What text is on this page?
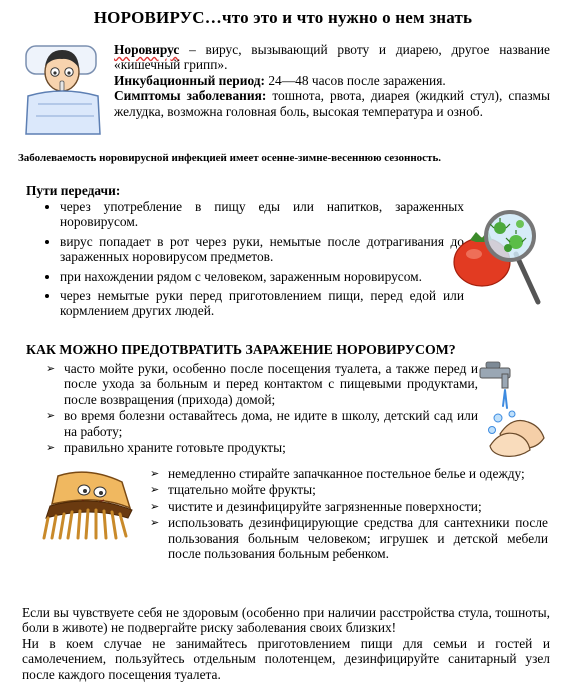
НОРОВИРУС…что это и что нужно о нем знать

Норовирус – вирус, вызывающий рвоту и диарею, другое название «кишечный грипп».

Инкубационный период: 24—48 часов после заражения.

Симптомы заболевания: тошнота, рвота, диарея (жидкий стул), спазмы желудка, возможна головная боль, высокая температура и озноб.

Заболеваемость норовирусной инфекцией имеет осенне-зимне-весеннюю сезонность.
Пути передачи:
• через употребление в пищу еды или напитков, зараженных норовирусом.
• вирус попадает в рот через руки, немытые после дотрагивания до зараженных норовирусом предметов.
• при нахождении рядом с человеком, зараженным норовирусом.
• через немытые руки перед приготовлением пищи, перед едой или кормлением других людей.
КАК МОЖНО ПРЕДОТВРАТИТЬ ЗАРАЖЕНИЕ НОРОВИРУСОМ?
➢ часто мойте руки, особенно после посещения туалета, а также перед и после ухода за больным и перед контактом с пищевыми продуктами, после возвращения (прихода) домой;
➢ во время болезни оставайтесь дома, не идите в школу, детский сад или на работу;
➢ правильно храните готовьте продукты;
➢ немедленно стирайте запачканное постельное белье и одежду;
➢ тщательно мойте фрукты;
➢ чистите и дезинфицируйте загрязненные поверхности;
➢ использовать дезинфицирующие средства для сантехники после пользования больным человеком; игрушек и детской мебели после пользования больным ребенком.

Если вы чувствуете себя не здоровым (особенно при наличии расстройства стула, тошноты, боли в животе) не подвергайте риску заболевания своих близких!

Ни в коем случае не занимайтесь приготовлением пищи для семьи и гостей и самолечением, пользуйтесь отдельным полотенцем, дезинфицируйте санитарный узел после каждого посещения туалета.
